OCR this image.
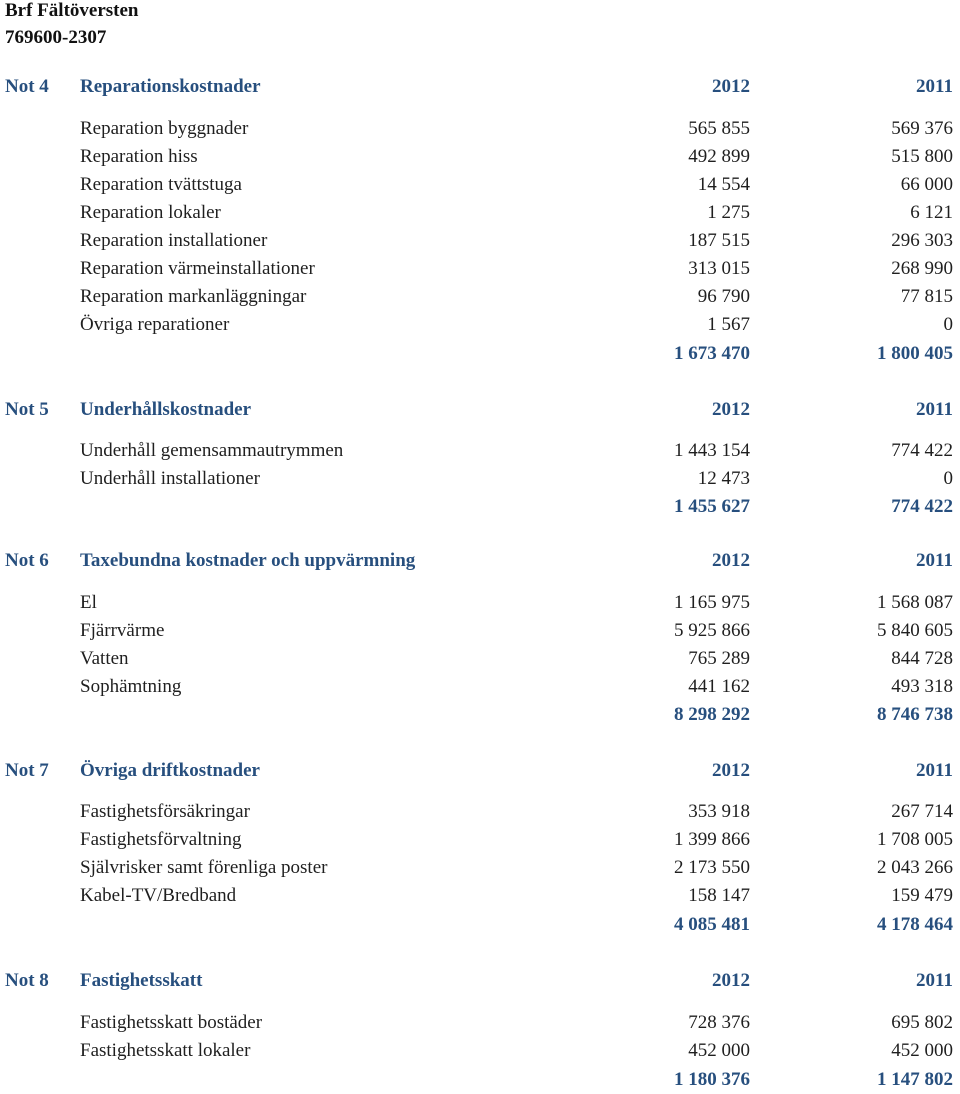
Brf Fältöversten
769600-2307
Not 4 Reparationskostnader	2012	2011
Reparation byggnader	565 855	569 376
Reparation hiss	492 899	515 800
Reparation tvättstuga	14 554	66 000
Reparation lokaler	1 275	6 121
Reparation installationer	187 515	296 303
Reparation värmeinstallationer	313 015	268 990
Reparation markanläggningar	96 790	77 815
Övriga reparationer	1 567	0
1 673 470	1 800 405
Not 5 Underhållskostnader	2012	2011
Underhåll gemensammautrymmen	1 443 154	774 422
Underhåll installationer	12 473	0
1 455 627	774 422
Not 6 Taxebundna kostnader och uppvärmning	2012	2011
El	1 165 975	1 568 087
Fjärrvärme	5 925 866	5 840 605
Vatten	765 289	844 728
Sophämtning	441 162	493 318
8 298 292	8 746 738
Not 7 Övriga driftkostnader	2012	2011
Fastighetsförsäkringar	353 918	267 714
Fastighetsförvaltning	1 399 866	1 708 005
Självrisker samt förenliga poster	2 173 550	2 043 266
Kabel-TV/Bredband	158 147	159 479
4 085 481	4 178 464
Not 8 Fastighetsskatt	2012	2011
Fastighetsskatt bostäder	728 376	695 802
Fastighetsskatt lokaler	452 000	452 000
1 180 376	1 147 802
